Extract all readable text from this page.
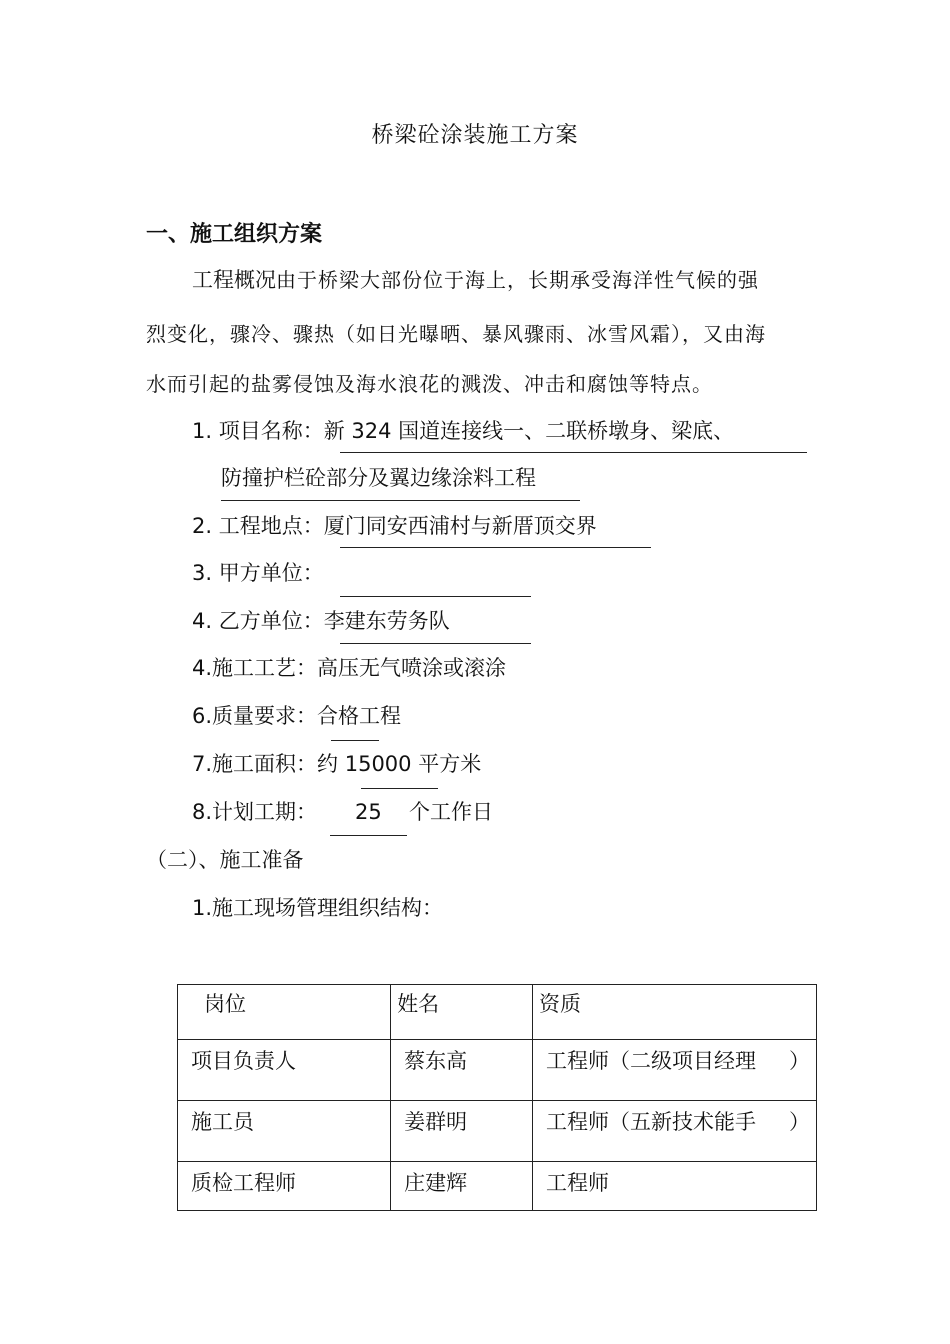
桥梁砼涂装施工方案
一、施工组织方案
工程概况由于桥梁大部份位于海上，长期承受海洋性气候的强
烈变化，骤冷、骤热（如日光曝晒、暴风骤雨、冰雪风霜），又由海
水而引起的盐雾侵蚀及海水浪花的溅泼、冲击和腐蚀等特点。
1. 项目名称：新 324 国道连接线一、二联桥墩身、梁底、
防撞护栏砼部分及翼边缘涂料工程
2. 工程地点：厦门同安西浦村与新厝顶交界
3. 甲方单位：
4. 乙方单位：李建东劳务队
4.施工工艺：高压无气喷涂或滚涂
6.质量要求：合格工程
7.施工面积：约 15000 平方米
8.计划工期： 25 个工作日
（二）、施工准备
1.施工现场管理组织结构：
岗位	姓名	资质
项目负责人	蔡东高	工程师（二级项目经理 ）

施工员	姜群明	工程师（五新技术能手 ）

质检工程师	庄建辉	工程师
